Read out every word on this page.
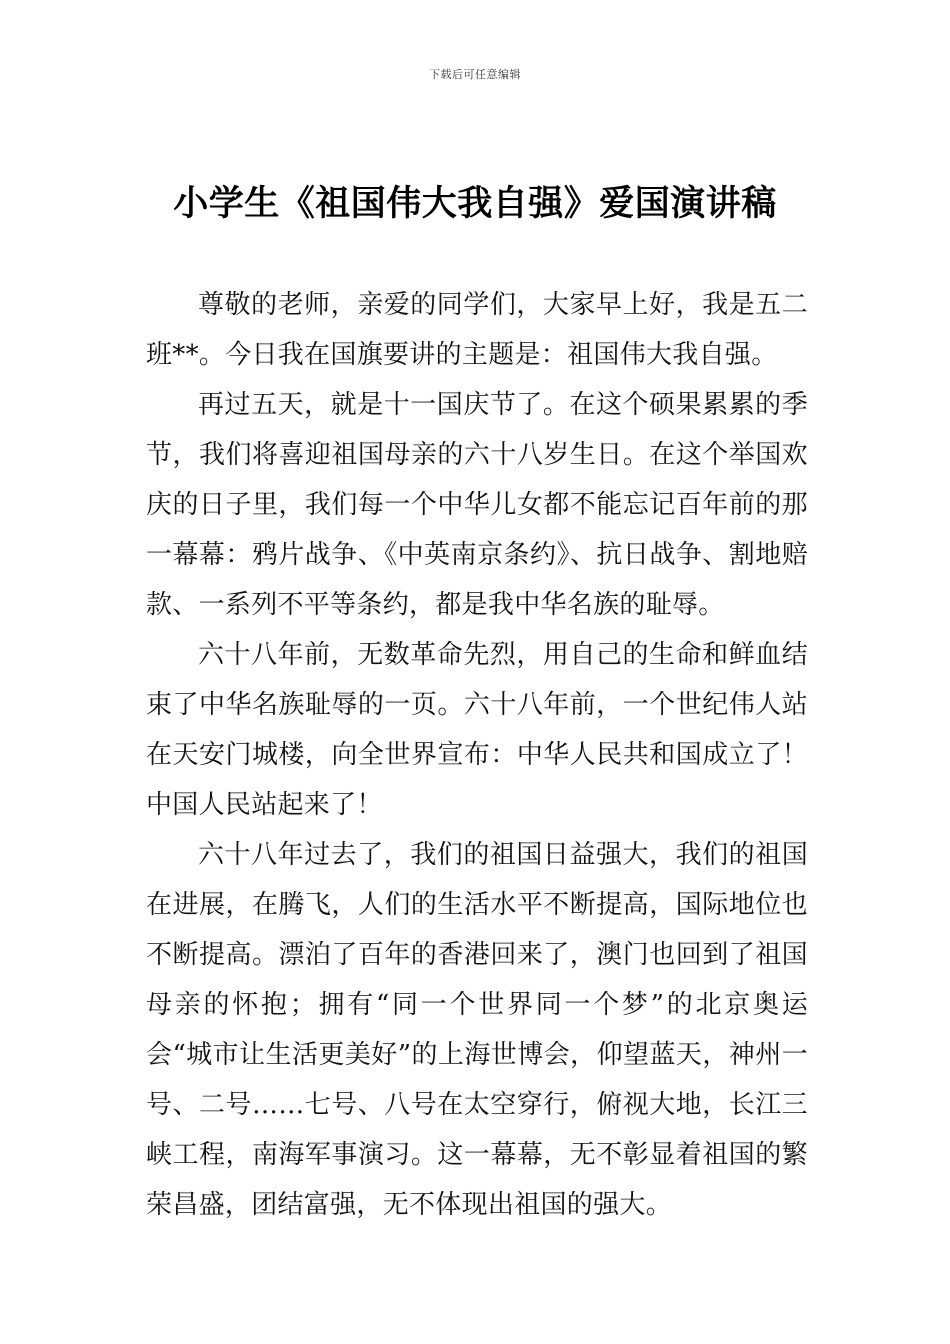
下载后可任意编辑
小学生《祖国伟大我自强》爱国演讲稿

尊敬的老师，亲爱的同学们，大家早上好，我是五二班**。今日我在国旗要讲的主题是：祖国伟大我自强。

再过五天，就是十一国庆节了。在这个硕果累累的季节，我们将喜迎祖国母亲的六十八岁生日。在这个举国欢庆的日子里，我们每一个中华儿女都不能忘记百年前的那一幕幕：鸦片战争、《中英南京条约》、抗日战争、割地赔款、一系列不平等条约，都是我中华名族的耻辱。

六十八年前，无数革命先烈，用自己的生命和鲜血结束了中华名族耻辱的一页。六十八年前，一个世纪伟人站在天安门城楼，向全世界宣布：中华人民共和国成立了！中国人民站起来了！

六十八年过去了，我们的祖国日益强大，我们的祖国在进展，在腾飞，人们的生活水平不断提高，国际地位也不断提高。漂泊了百年的香港回来了，澳门也回到了祖国母亲的怀抱；拥有“同一个世界同一个梦”的北京奥运会“城市让生活更美好”的上海世博会，仰望蓝天，神州一号、二号……七号、八号在太空穿行，俯视大地，长江三峡工程，南海军事演习。这一幕幕，无不彰显着祖国的繁荣昌盛，团结富强，无不体现出祖国的强大。
